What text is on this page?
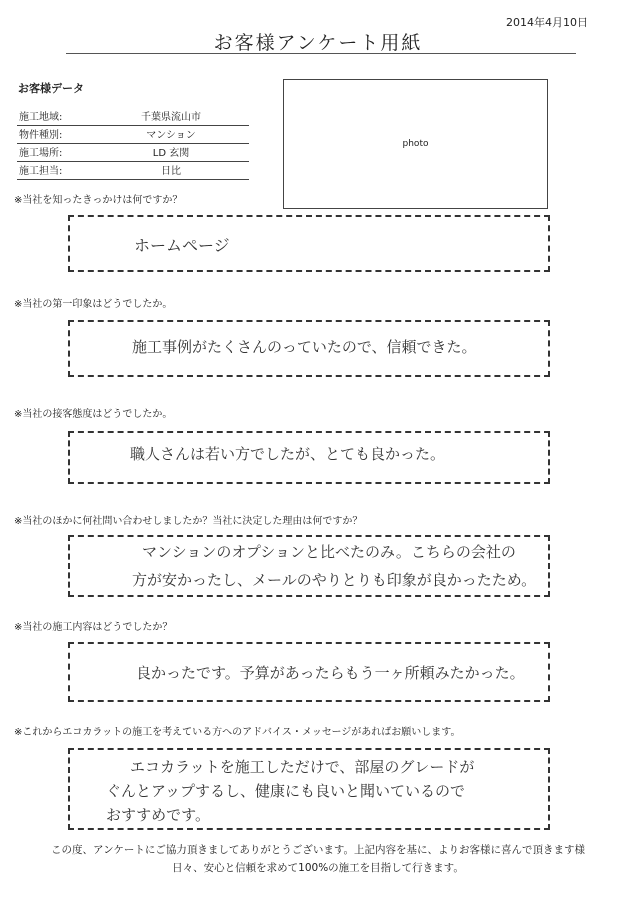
2014年4月10日
お客様アンケート用紙
お客様データ
施工地域:	千葉県流山市
物件種別:	マンション
施工場所:	LD 玄関
施工担当:	日比
photo
※当社を知ったきっかけは何ですか？
ホームページ
※当社の第一印象はどうでしたか。
施工事例がたくさんのっていたので、信頼できた。
※当社の接客態度はどうでしたか。
職人さんは若い方でしたが、とても良かった。
※当社のほかに何社問い合わせしましたか？当社に決定した理由は何ですか？
マンションのオプションと比べたのみ。こちらの会社の
方が安かったし、メールのやりとりも印象が良かったため。
※当社の施工内容はどうでしたか？
良かったです。予算があったらもう一ヶ所頼みたかった。
※これからエコカラットの施工を考えている方へのアドバイス・メッセージがあればお願いします。
エコカラットを施工しただけで、部屋のグレードが
ぐんとアップするし、健康にも良いと聞いているので
おすすめです。
この度、アンケートにご協力頂きましてありがとうございます。上記内容を基に、よりお客様に喜んで頂きます様
日々、安心と信頼を求めて100%の施工を目指して行きます。
